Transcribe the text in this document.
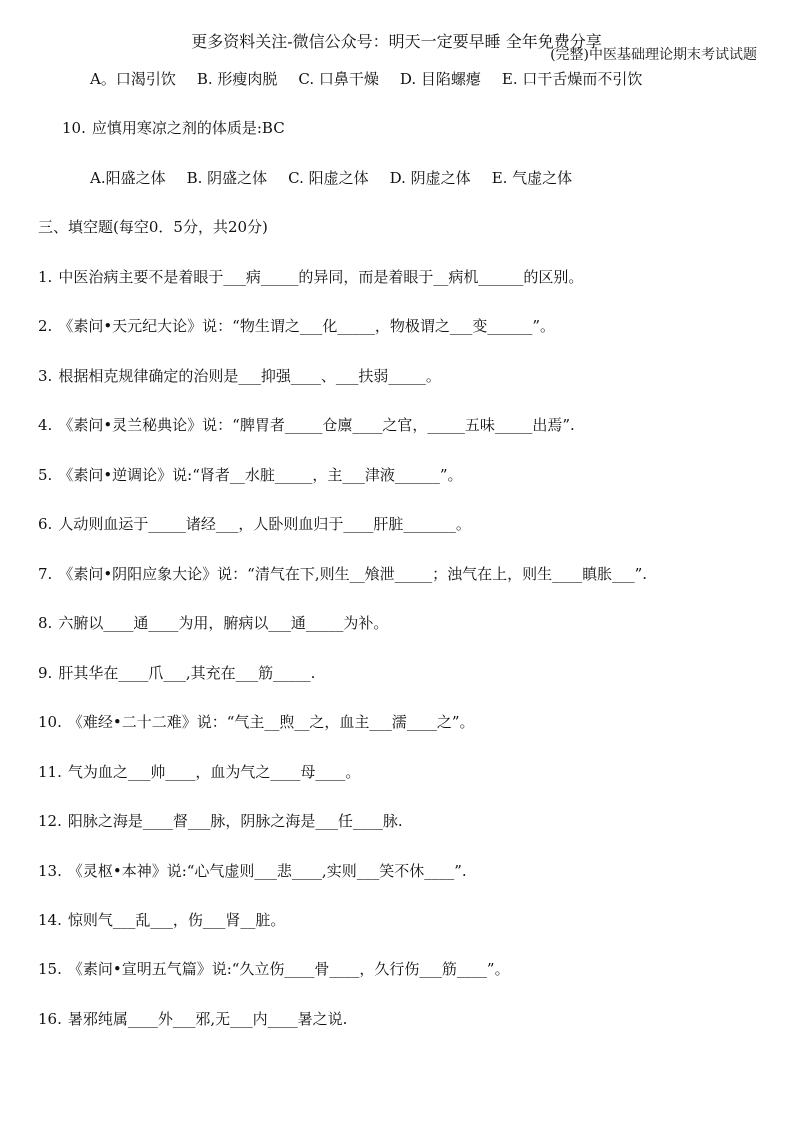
更多资料关注-微信公众号：明天一定要早睡 全年免费分享
(完整)中医基础理论期末考试试题
A。口渴引饮 B. 形瘦肉脱 C. 口鼻干燥 D. 目陷螺瘪 E. 口干舌燥而不引饮
10. 应慎用寒凉之剂的体质是:BC
A.阳盛之体 B. 阴盛之体 C. 阳虚之体 D. 阴虚之体 E. 气虚之体
三、填空题(每空0．5分，共20分)
1. 中医治病主要不是着眼于___病_____的异同，而是着眼于__病机______的区别。
2. 《素问•天元纪大论》说：“物生谓之___化_____，物极谓之___变______”。
3. 根据相克规律确定的治则是___抑强____、___扶弱_____。
4. 《素问•灵兰秘典论》说：“脾胃者_____仓廪____之官，_____五味_____出焉”.
5. 《素问•逆调论》说:“肾者__水脏_____，主___津液______”。
6. 人动则血运于_____诸经___，人卧则血归于____肝脏_______。
7. 《素问•阴阳应象大论》说：“清气在下,则生__飧泄_____；浊气在上，则生____瞋胀___”.
8. 六腑以____通____为用，腑病以___通_____为补。
9. 肝其华在____爪___,其充在___筋_____.
10. 《难经•二十二难》说：“气主__煦__之，血主___濡____之”。
11. 气为血之___帅____，血为气之____母____。
12. 阳脉之海是____督___脉，阴脉之海是___任____脉.
13. 《灵枢•本神》说:“心气虚则___悲____,实则___笑不休____”.
14. 惊则气___乱___，伤___肾__脏。
15. 《素问•宣明五气篇》说:“久立伤____骨____，久行伤___筋____”。
16. 暑邪纯属____外___邪,无___内____暑之说.
